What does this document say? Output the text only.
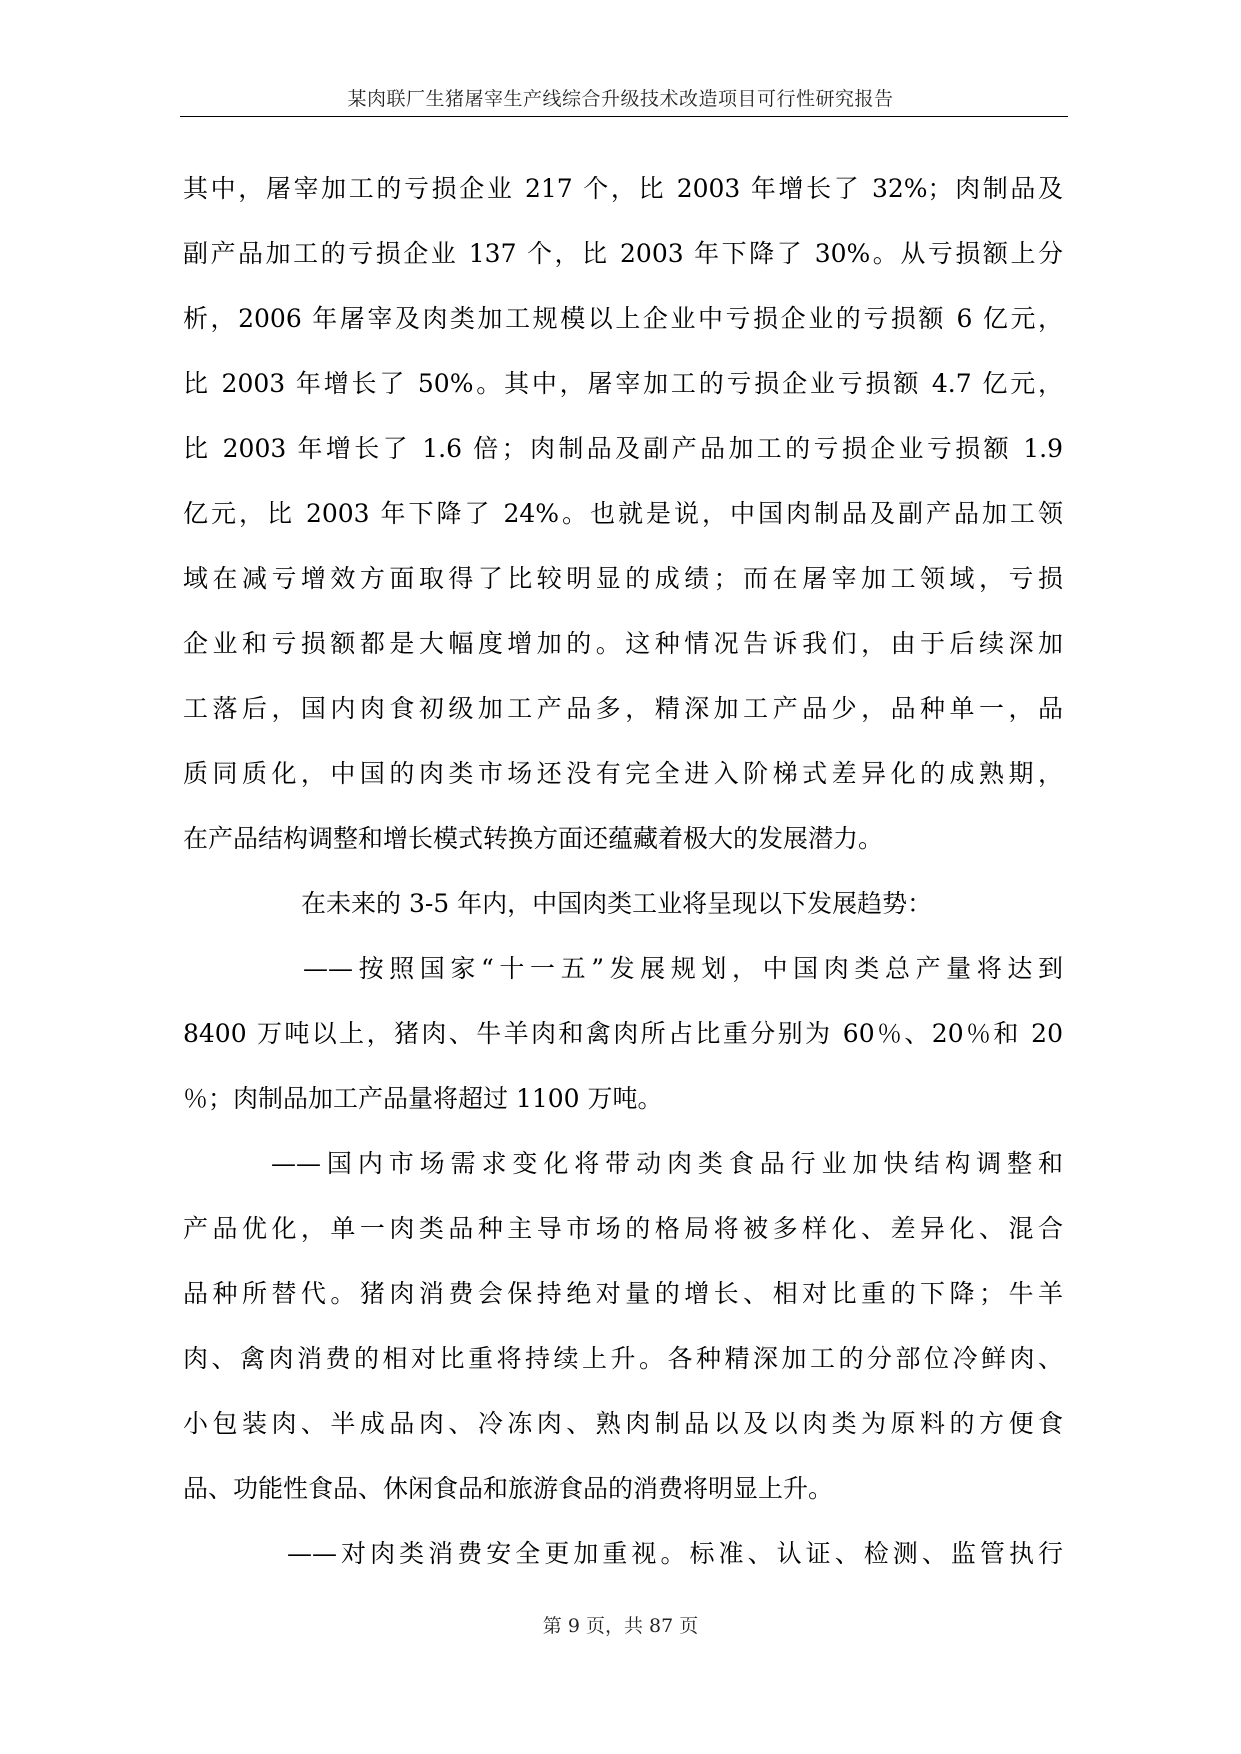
某肉联厂生猪屠宰生产线综合升级技术改造项目可行性研究报告
其中，屠宰加工的亏损企业 217 个，比 2003 年增长了 32%；肉制品及
副产品加工的亏损企业 137 个，比 2003 年下降了 30%。从亏损额上分
析，2006 年屠宰及肉类加工规模以上企业中亏损企业的亏损额 6 亿元，
比 2003 年增长了 50%。其中，屠宰加工的亏损企业亏损额 4.7 亿元，
比 2003 年增长了 1.6 倍；肉制品及副产品加工的亏损企业亏损额 1.9
亿元，比 2003 年下降了 24%。也就是说，中国肉制品及副产品加工领
域在减亏增效方面取得了比较明显的成绩；而在屠宰加工领域，亏损
企业和亏损额都是大幅度增加的。这种情况告诉我们，由于后续深加
工落后，国内肉食初级加工产品多，精深加工产品少，品种单一，品
质同质化，中国的肉类市场还没有完全进入阶梯式差异化的成熟期，
在产品结构调整和增长模式转换方面还蕴藏着极大的发展潜力。
在未来的 3-5 年内，中国肉类工业将呈现以下发展趋势：
——按照国家“十一五”发展规划，中国肉类总产量将达到
8400 万吨以上，猪肉、牛羊肉和禽肉所占比重分别为 60％、20％和 20
％；肉制品加工产品量将超过 1100 万吨。
——国内市场需求变化将带动肉类食品行业加快结构调整和
产品优化，单一肉类品种主导市场的格局将被多样化、差异化、混合
品种所替代。猪肉消费会保持绝对量的增长、相对比重的下降；牛羊
肉、禽肉消费的相对比重将持续上升。各种精深加工的分部位冷鲜肉、
小包装肉、半成品肉、冷冻肉、熟肉制品以及以肉类为原料的方便食
品、功能性食品、休闲食品和旅游食品的消费将明显上升。
——对肉类消费安全更加重视。标准、认证、检测、监管执行
第 9 页，共 87 页
